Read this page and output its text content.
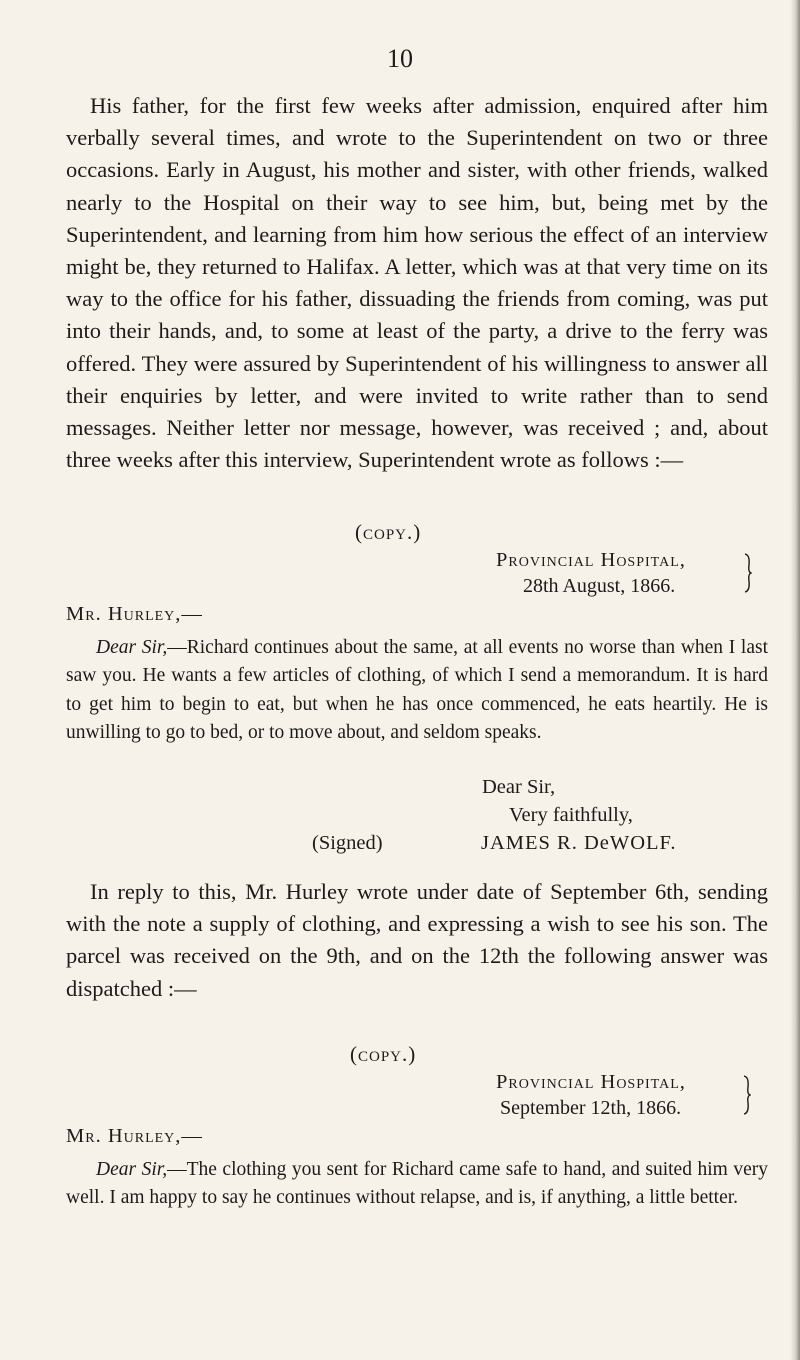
10

His father, for the first few weeks after admission, enquired after him verbally several times, and wrote to the Superintendent on two or three occasions. Early in August, his mother and sister, with other friends, walked nearly to the Hospital on their way to see him, but, being met by the Superintendent, and learning from him how serious the effect of an interview might be, they returned to Halifax. A letter, which was at that very time on its way to the office for his father, dissuading the friends from coming, was put into their hands, and, to some at least of the party, a drive to the ferry was offered. They were assured by Superintendent of his willingness to answer all their enquiries by letter, and were invited to write rather than to send messages. Neither letter nor message, however, was received ; and, about three weeks after this interview, Superintendent wrote as follows :—

(copy.)
Provincial Hospital,
28th August, 1866.
Mr. Hurley,—

Dear Sir,—Richard continues about the same, at all events no worse than when I last saw you. He wants a few articles of clothing, of which I send a memorandum. It is hard to get him to begin to eat, but when he has once commenced, he eats heartily. He is unwilling to go to bed, or to move about, and seldom speaks.

Dear Sir,
Very faithfully,
(Signed)	JAMES R. DeWOLF.

In reply to this, Mr. Hurley wrote under date of September 6th, sending with the note a supply of clothing, and expressing a wish to see his son. The parcel was received on the 9th, and on the 12th the following answer was dispatched :—

(copy.)
Provincial Hospital,
September 12th, 1866.
Mr. Hurley,—

Dear Sir,—The clothing you sent for Richard came safe to hand, and suited him very well. I am happy to say he continues without relapse, and is, if anything, a little better.
